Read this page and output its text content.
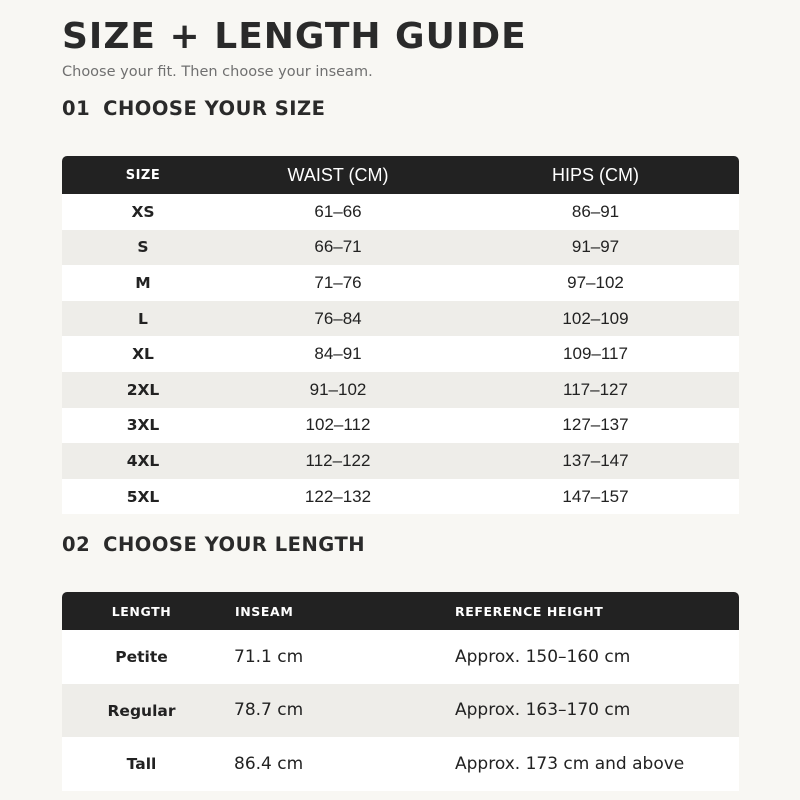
SIZE + LENGTH GUIDE
Choose your fit. Then choose your inseam.
01 CHOOSE YOUR SIZE
SIZE	WAIST (CM)	HIPS (CM)
XS	61–66	86–91
S	66–71	91–97
M	71–76	97–102
L	76–84	102–109
XL	84–91	109–117
2XL	91–102	117–127
3XL	102–112	127–137
4XL	112–122	137–147
5XL	122–132	147–157
02 CHOOSE YOUR LENGTH
LENGTH	INSEAM	REFERENCE HEIGHT
Petite	71.1 cm	Approx. 150–160 cm
Regular	78.7 cm	Approx. 163–170 cm
Tall	86.4 cm	Approx. 173 cm and above
